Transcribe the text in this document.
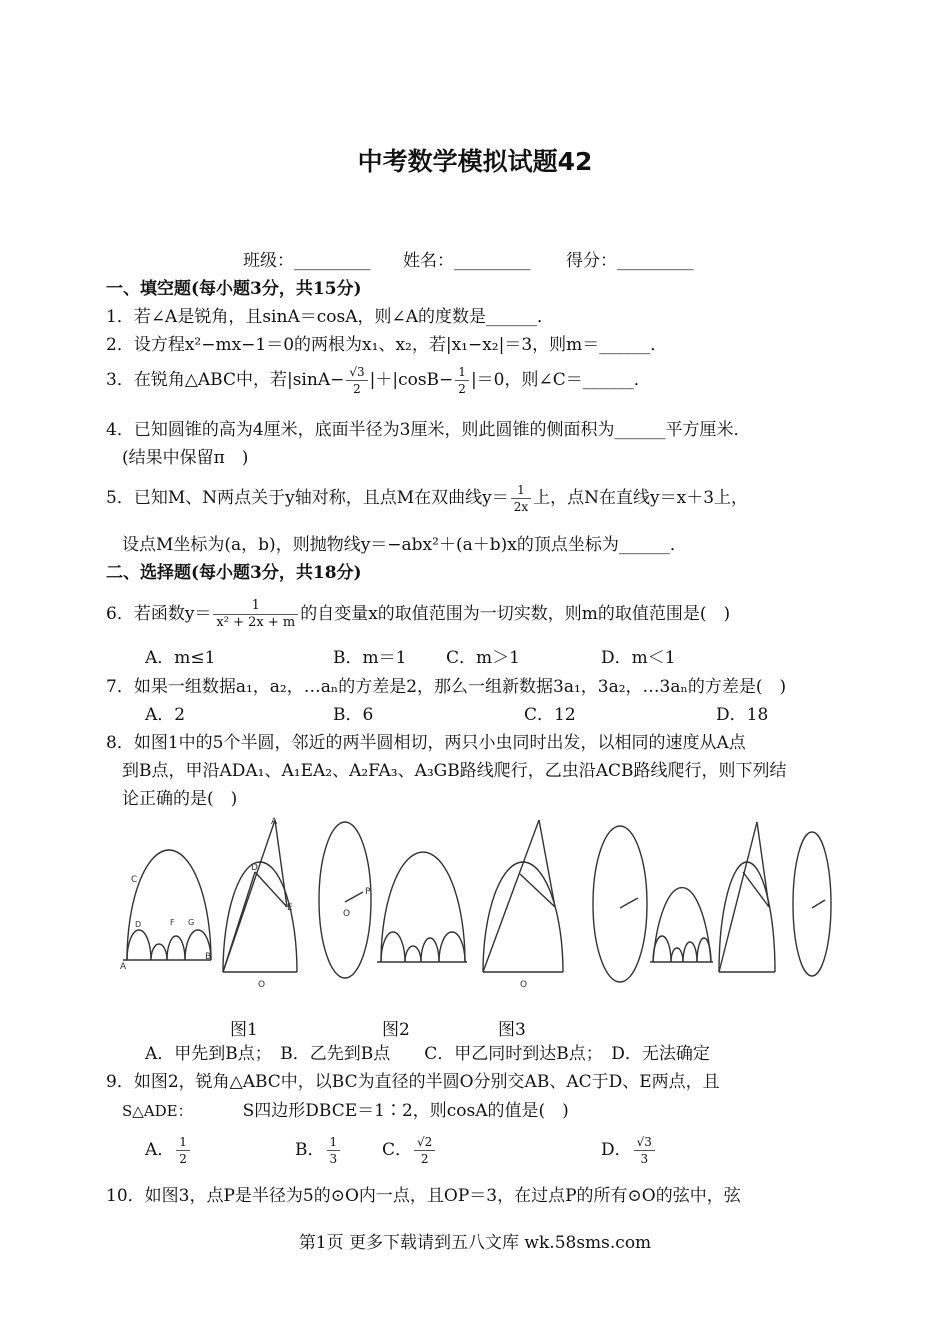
中考数学模拟试题42
班级：_________ 姓名：_________ 得分：_________
一、填空题(每小题3分，共15分)
1．若∠A是锐角，且sinA＝cosA，则∠A的度数是______．
2．设方程x²−mx−1＝0的两根为x₁、x₂，若|x₁−x₂|＝3，则m＝______．
3．在锐角△ABC中，若$|\sin A- \frac{√3}{2} |+|\cos B- \frac{1}{2} |=0$，则∠C＝______．
4．已知圆锥的高为4厘米，底面半径为3厘米，则此圆锥的侧面积为______平方厘米．
(结果中保留π　)
5．已知M、N两点关于y轴对称，且点M在双曲线$y= \frac{1}{2x}$ 上，点N在直线y＝x＋3上，
设点M坐标为(a，b)，则抛物线y＝−abx²＋(a＋b)x的顶点坐标为______．
二、选择题(每小题3分，共18分)
6．若函数$y= \frac{1}{\text{x² + 2x + m}}$ 的自变量x的取值范围为一切实数，则m的取值范围是(　)
A．m≤1	B．m＝1 C．m＞1	D．m＜1
7．如果一组数据a₁，a₂，…aₙ的方差是2，那么一组新数据3a₁，3a₂，…3aₙ的方差是(　)
A．2	B．6	C．12	D．18
8．如图1中的5个半圆，邻近的两半圆相切，两只小虫同时出发，以相同的速度从A点
到B点，甲沿ADA₁、A₁EA₂、A₂FA₃、A₃GB路线爬行，乙虫沿ACB路线爬行，则下列结
论正确的是(　)
A
B
C
D	F G
A
D
E
O
O
P
O
图1	图2	图3
A．甲先到B点；　B．乙先到B点　　C．甲乙同时到达B点；　D．无法确定
9．如图2，锐角△ABC中，以BC为直径的半圆O分别交AB、AC于D、E两点，且
S△ADE：	S四边形DBCE＝1∶2，则cosA的值是(　)
A． $\frac{1}{2}$	B． $\frac{1}{3}$ C． $\frac{√2}{2}$	D． $\frac{√3}{3}$
10．如图3，点P是半径为5的⊙O内一点，且OP＝3，在过点P的所有⊙O的弦中，弦
第1页 更多下载请到五八文库 wk.58sms.com
